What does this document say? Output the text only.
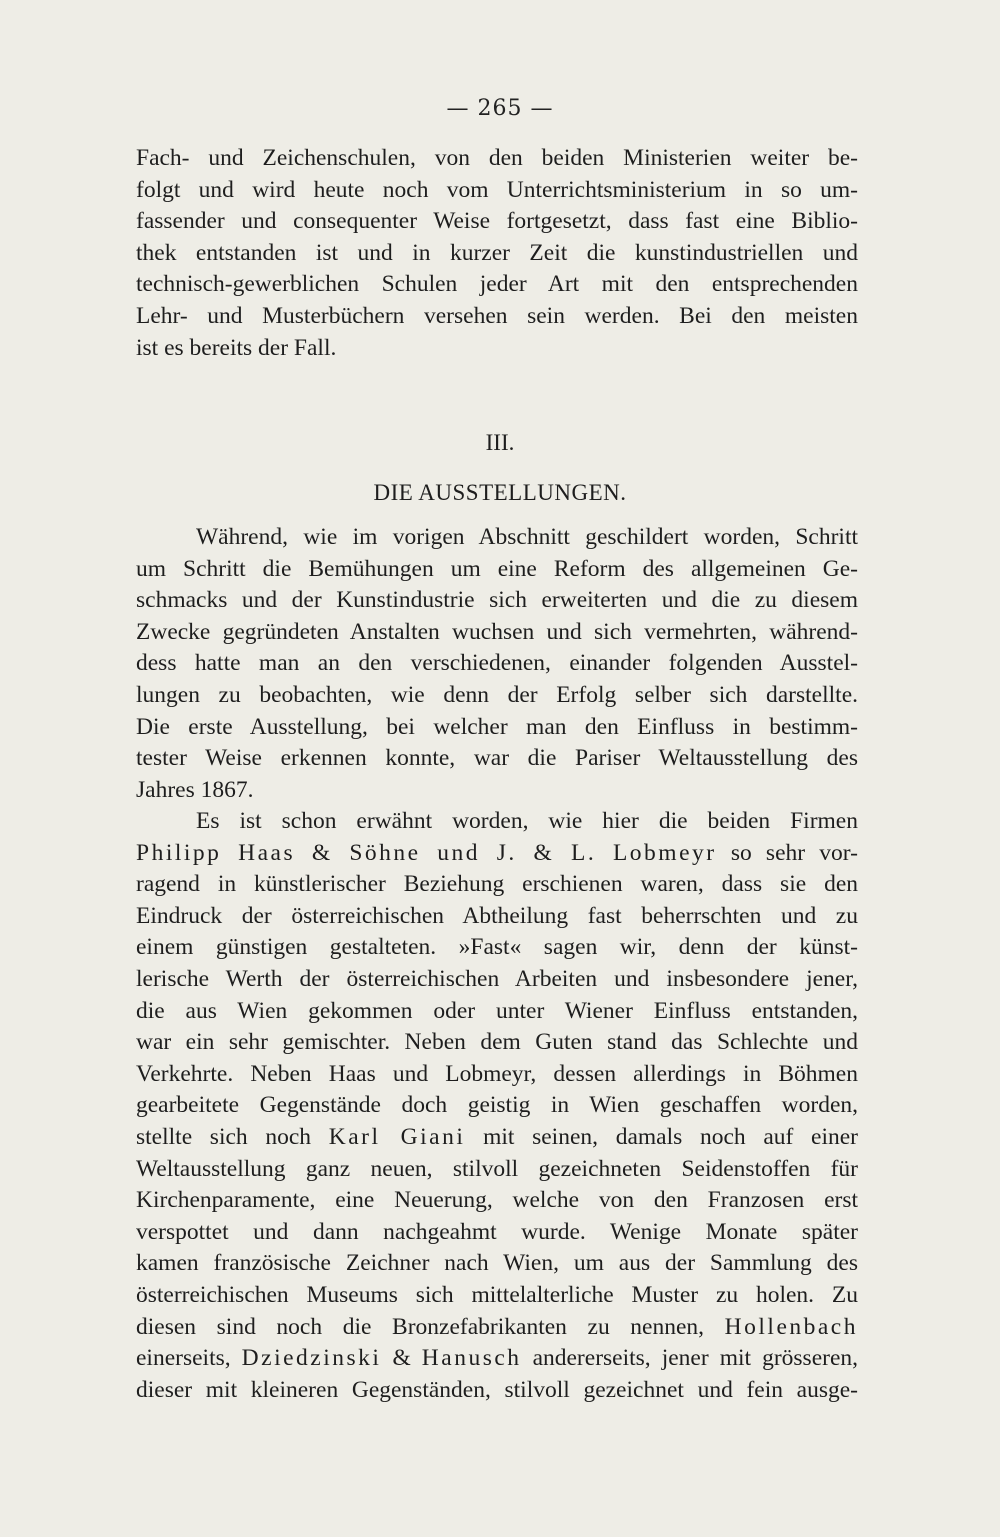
— 265 —
Fach- und Zeichenschulen, von den beiden Ministerien weiter be-
folgt und wird heute noch vom Unterrichtsministerium in so um-
fassender und consequenter Weise fortgesetzt, dass fast eine Biblio-
thek entstanden ist und in kurzer Zeit die kunstindustriellen und
technisch-gewerblichen Schulen jeder Art mit den entsprechenden
Lehr- und Musterbüchern versehen sein werden. Bei den meisten
ist es bereits der Fall.
III.
DIE AUSSTELLUNGEN.
Während, wie im vorigen Abschnitt geschildert worden, Schritt
um Schritt die Bemühungen um eine Reform des allgemeinen Ge-
schmacks und der Kunstindustrie sich erweiterten und die zu diesem
Zwecke gegründeten Anstalten wuchsen und sich vermehrten, während-
dess hatte man an den verschiedenen, einander folgenden Ausstel-
lungen zu beobachten, wie denn der Erfolg selber sich darstellte.
Die erste Ausstellung, bei welcher man den Einfluss in bestimm-
tester Weise erkennen konnte, war die Pariser Weltausstellung des
Jahres 1867.
Es ist schon erwähnt worden, wie hier die beiden Firmen
Philipp Haas & Söhne und J. & L. Lobmeyr so sehr vor-
ragend in künstlerischer Beziehung erschienen waren, dass sie den
Eindruck der österreichischen Abtheilung fast beherrschten und zu
einem günstigen gestalteten. »Fast« sagen wir, denn der künst-
lerische Werth der österreichischen Arbeiten und insbesondere jener,
die aus Wien gekommen oder unter Wiener Einfluss entstanden,
war ein sehr gemischter. Neben dem Guten stand das Schlechte und
Verkehrte. Neben Haas und Lobmeyr, dessen allerdings in Böhmen
gearbeitete Gegenstände doch geistig in Wien geschaffen worden,
stellte sich noch Karl Giani mit seinen, damals noch auf einer
Weltausstellung ganz neuen, stilvoll gezeichneten Seidenstoffen für
Kirchenparamente, eine Neuerung, welche von den Franzosen erst
verspottet und dann nachgeahmt wurde. Wenige Monate später
kamen französische Zeichner nach Wien, um aus der Sammlung des
österreichischen Museums sich mittelalterliche Muster zu holen. Zu
diesen sind noch die Bronzefabrikanten zu nennen, Hollenbach
einerseits, Dziedzinski & Hanusch andererseits, jener mit grösseren,
dieser mit kleineren Gegenständen, stilvoll gezeichnet und fein ausge-
